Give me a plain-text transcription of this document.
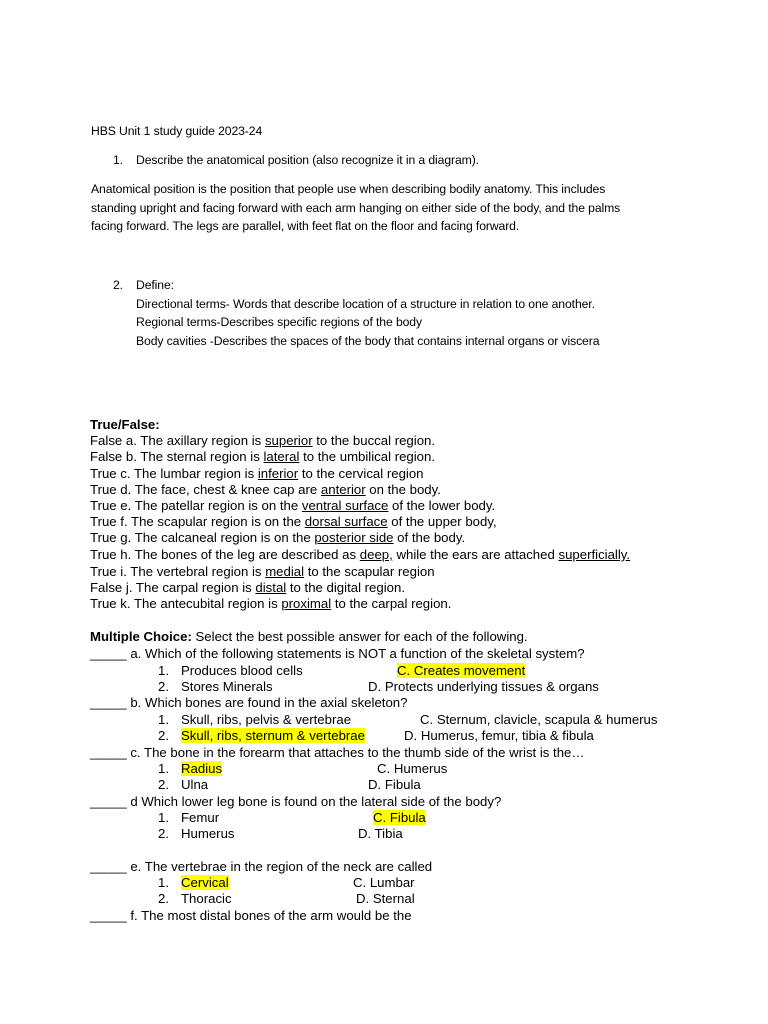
HBS Unit 1 study guide 2023-24
1. Describe the anatomical position (also recognize it in a diagram).
Anatomical position is the position that people use when describing bodily anatomy. This includes
standing upright and facing forward with each arm hanging on either side of the body, and the palms
facing forward. The legs are parallel, with feet flat on the floor and facing forward.
2. Define:
Directional terms- Words that describe location of a structure in relation to one another.
Regional terms-Describes specific regions of the body
Body cavities -Describes the spaces of the body that contains internal organs or viscera
True/False:
False a. The axillary region is superior to the buccal region.
False b. The sternal region is lateral to the umbilical region.
True c. The lumbar region is inferior to the cervical region
True d. The face, chest & knee cap are anterior on the body.
True e. The patellar region is on the ventral surface of the lower body.
True f. The scapular region is on the dorsal surface of the upper body,
True g. The calcaneal region is on the posterior side of the body.
True h. The bones of the leg are described as deep, while the ears are attached superficially.
True i. The vertebral region is medial to the scapular region
False j. The carpal region is distal to the digital region.
True k. The antecubital region is proximal to the carpal region.
Multiple Choice: Select the best possible answer for each of the following.
_____ a. Which of the following statements is NOT a function of the skeletal system?
1. Produces blood cells	C. Creates movement
2. Stores Minerals	D. Protects underlying tissues & organs
_____ b. Which bones are found in the axial skeleton?
1. Skull, ribs, pelvis & vertebrae	C. Sternum, clavicle, scapula & humerus
2. Skull, ribs, sternum & vertebrae	D. Humerus, femur, tibia & fibula
_____ c. The bone in the forearm that attaches to the thumb side of the wrist is the…
1. Radius	C. Humerus
2. Ulna	D. Fibula
_____ d Which lower leg bone is found on the lateral side of the body?
1. Femur	C. Fibula
2. Humerus	D. Tibia
_____ e. The vertebrae in the region of the neck are called
1. Cervical	C. Lumbar
2. Thoracic	D. Sternal
_____ f. The most distal bones of the arm would be the
